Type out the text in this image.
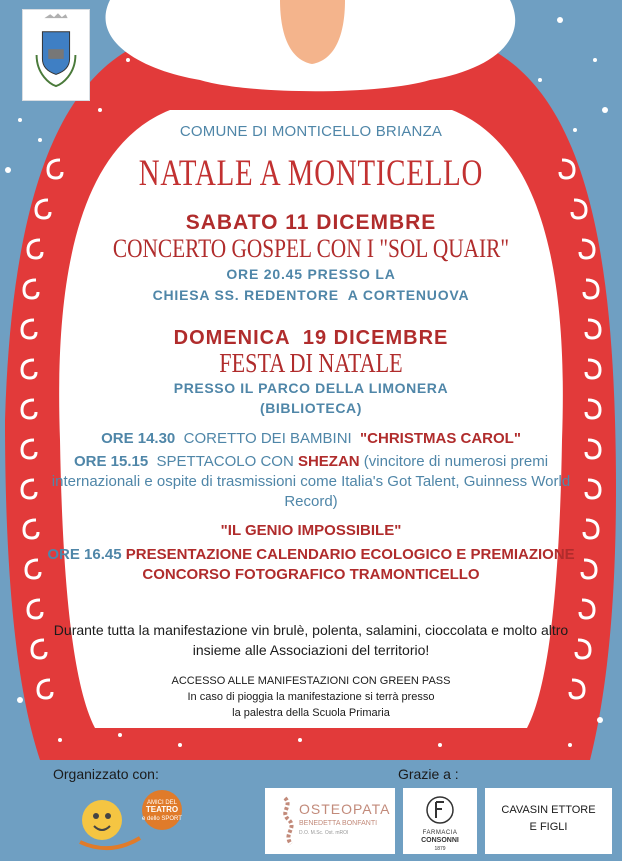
COMUNE DI MONTICELLO BRIANZA
NATALE A MONTICELLO
SABATO 11 DICEMBRE
CONCERTO GOSPEL CON I "SOL QUAIR"
ORE 20.45 PRESSO LA
CHIESA SS. REDENTORE  A CORTENUOVA
DOMENICA  19 DICEMBRE
FESTA DI NATALE
PRESSO IL PARCO DELLA LIMONERA
(BIBLIOTECA)
ORE 14.30 CORETTO DEI BAMBINI "CHRISTMAS CAROL"
ORE 15.15 SPETTACOLO CON SHEZAN (vincitore di numerosi premi internazionali e ospite di trasmissioni come Italia's Got Talent, Guinness World Record)
"IL GENIO IMPOSSIBILE"
ORE 16.45 PRESENTAZIONE CALENDARIO ECOLOGICO E PREMIAZIONE CONCORSO FOTOGRAFICO TRAMONTICELLO
Durante tutta la manifestazione vin brulè, polenta, salamini, cioccolata e molto altro insieme alle Associazioni del territorio!
ACCESSO ALLE MANIFESTAZIONI CON GREEN PASS
In caso di pioggia la manifestazione si terrà presso
la palestra della Scuola Primaria
Organizzato con:	Grazie a :
AMICI DEL
TEATRO
e dello SPORT
OSTEOPATA
BENEDETTA BONFANTI
D.O. M.Sc. Ost. mROI	FARMACIA
CONSONNI
1879
CAVASIN ETTORE
E FIGLI
